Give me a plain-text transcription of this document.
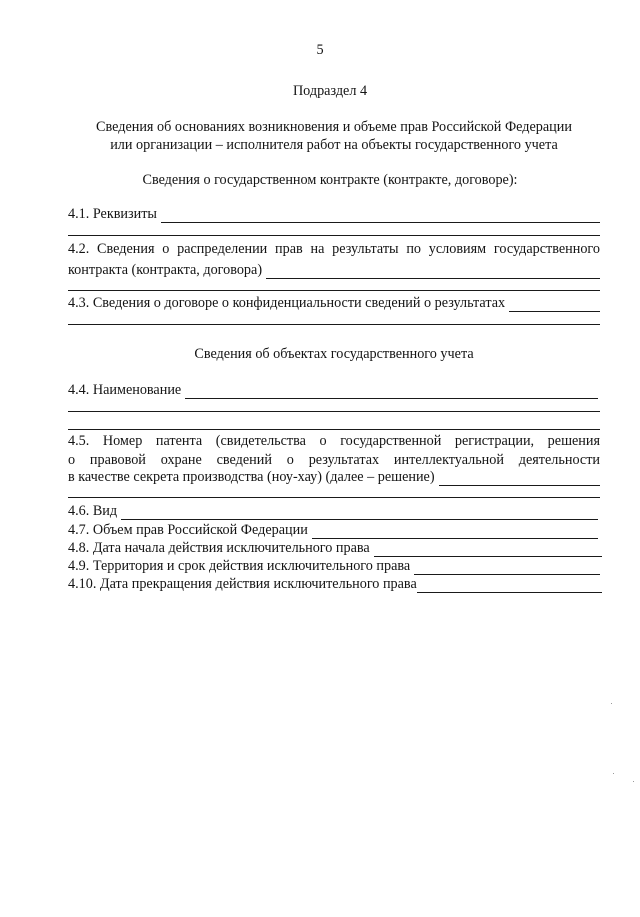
5
Подраздел 4
Сведения об основаниях возникновения и объеме прав Российской Федерации
или организации – исполнителя работ на объекты государственного учета
Сведения о государственном контракте (контракте, договоре):
4.1. Реквизиты
4.2. Сведения о распределении прав на результаты по условиям государственного
контракта (контракта, договора)
4.3. Сведения о договоре о конфиденциальности сведений о результатах
Сведения об объектах государственного учета
4.4. Наименование
4.5. Номер патента (свидетельства о государственной регистрации, решения
о правовой охране сведений о результатах интеллектуальной деятельности
в качестве секрета производства (ноу-хау) (далее – решение)
4.6. Вид
4.7. Объем прав Российской Федерации
4.8. Дата начала действия исключительного права
4.9. Территория и срок действия исключительного права
4.10. Дата прекращения действия исключительного права
